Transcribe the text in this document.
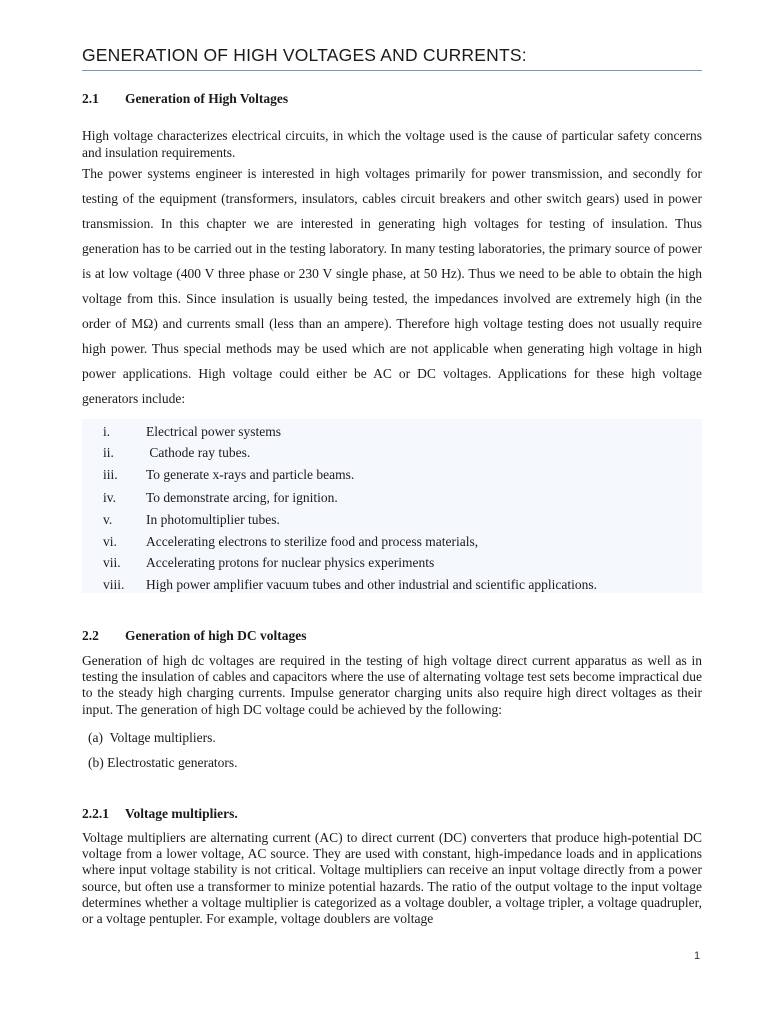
GENERATION OF HIGH VOLTAGES AND CURRENTS:
2.1 Generation of High Voltages
High voltage characterizes electrical circuits, in which the voltage used is the cause of particular safety concerns and insulation requirements.
The power systems engineer is interested in high voltages primarily for power transmission, and secondly for testing of the equipment (transformers, insulators, cables circuit breakers and other switch gears) used in power transmission. In this chapter we are interested in generating high voltages for testing of insulation. Thus generation has to be carried out in the testing laboratory. In many testing laboratories, the primary source of power is at low voltage (400 V three phase or 230 V single phase, at 50 Hz). Thus we need to be able to obtain the high voltage from this. Since insulation is usually being tested, the impedances involved are extremely high (in the order of MΩ) and currents small (less than an ampere). Therefore high voltage testing does not usually require high power. Thus special methods may be used which are not applicable when generating high voltage in high power applications. High voltage could either be AC or DC voltages. Applications for these high voltage generators include:
i.	Electrical power systems
ii. Cathode ray tubes.
iii. To generate x-rays and particle beams.
iv. To demonstrate arcing, for ignition.
v.	In photomultiplier tubes.
vi. Accelerating electrons to sterilize food and process materials,
vii. Accelerating protons for nuclear physics experiments
viii. High power amplifier vacuum tubes and other industrial and scientific applications.
2.2 Generation of high DC voltages
Generation of high dc voltages are required in the testing of high voltage direct current apparatus as well as in testing the insulation of cables and capacitors where the use of alternating voltage test sets become impractical due to the steady high charging currents. Impulse generator charging units also require high direct voltages as their input. The generation of high DC voltage could be achieved by the following:
(a)  Voltage multipliers.
(b) Electrostatic generators.
2.2.1 Voltage multipliers.
Voltage multipliers are alternating current (AC) to direct current (DC) converters that produce high-potential DC voltage from a lower voltage, AC source. They are used with constant, high-impedance loads and in applications where input voltage stability is not critical. Voltage multipliers can receive an input voltage directly from a power source, but often use a transformer to minize potential hazards. The ratio of the output voltage to the input voltage determines whether a voltage multiplier is categorized as a voltage doubler, a voltage tripler, a voltage quadrupler, or a voltage pentupler. For example, voltage doublers are voltage
1
